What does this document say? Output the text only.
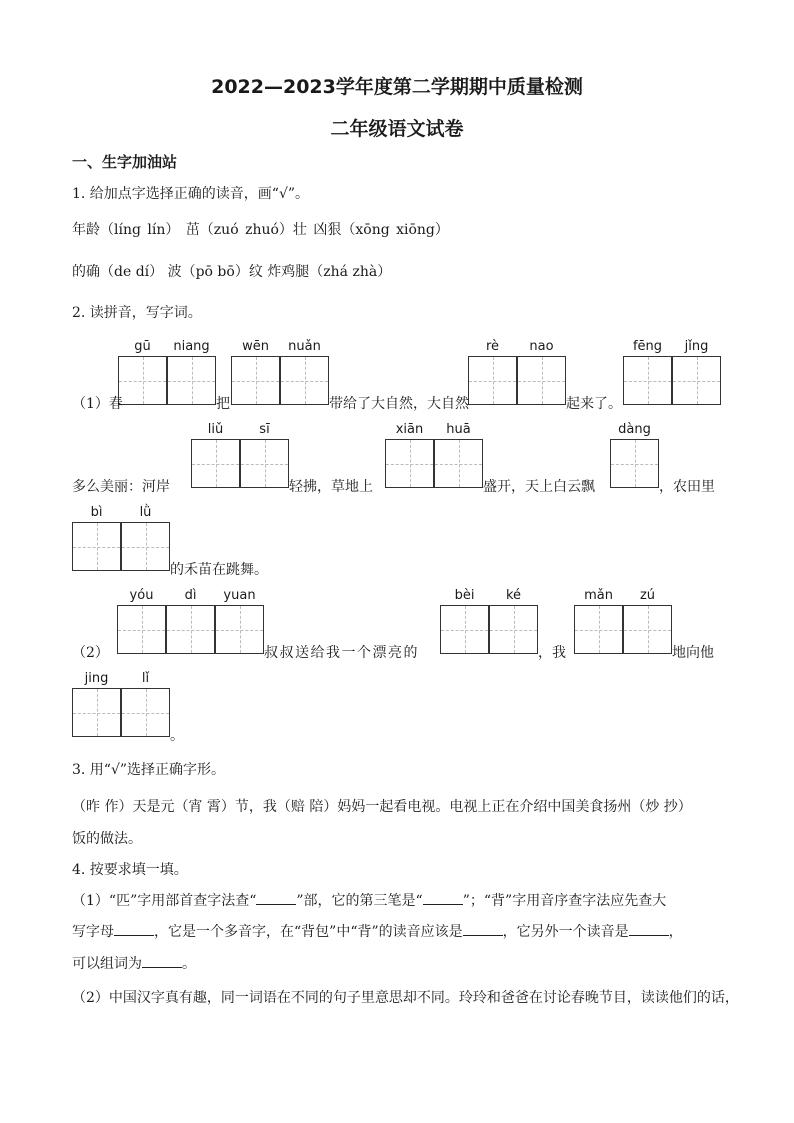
2022—2023学年度第二学期期中质量检测
二年级语文试卷
一、生字加油站
1. 给加点字选择正确的读音，画“√”。
年龄（líng lín） 茁（zuó zhuó）壮 凶狠（xōng xiōng）
的确（de dí） 波（pō bō）纹 炸鸡腿（zhá zhà）
2. 读拼音，写字词。
gū	niang	wēn	nuǎn	rè	nao	fēng	jǐng
（1）春	把	带给了大自然，大自然	起来了。
liǔ	sī	xiān	huā	dàng
多么美丽：河岸	轻拂，草地上	盛开，天上白云飘	，农田里
bì	lǜ
的禾苗在跳舞。
yóu	dì	yuan	bèi	ké	mǎn	zú
（2）	叔叔送给我一个漂亮的	，我	地向他
jing	lǐ
。
3. 用“√”选择正确字形。
（昨 作）天是元（宵 霄）节，我（赔 陪）妈妈一起看电视。电视上正在介绍中国美食扬州（炒 抄）
饭的做法。
4. 按要求填一填。
（1）“匹”字用部首查字法查“	”部，它的第三笔是“	”；“背”字用音序查字法应先查大
写字母	，它是一个多音字，在“背包”中“背”的读音应该是	，它另外一个读音是	，
可以组词为	。
（2）中国汉字真有趣，同一词语在不同的句子里意思却不同。玲玲和爸爸在讨论春晚节目，读读他们的话，
